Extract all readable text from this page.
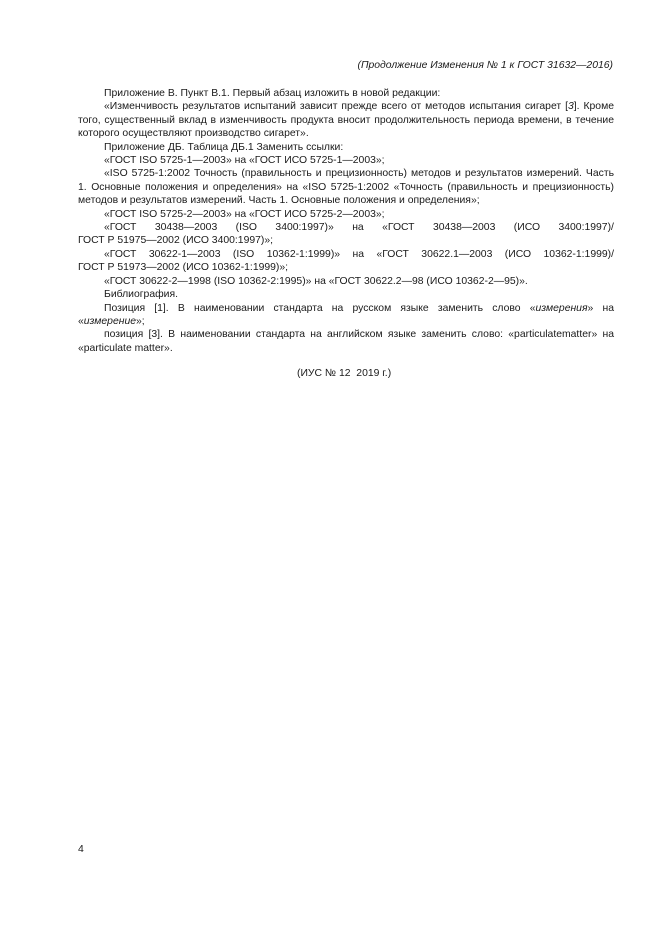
(Продолжение Изменения № 1 к ГОСТ 31632—2016)

Приложение В. Пункт В.1. Первый абзац изложить в новой редакции:

«Изменчивость результатов испытаний зависит прежде всего от методов испытания сигарет [3]. Кроме того, существенный вклад в изменчивость продукта вносит продолжительность периода времени, в течение которого осуществляют производство сигарет».

Приложение ДБ. Таблица ДБ.1 Заменить ссылки:

«ГОСТ ISO 5725-1—2003» на «ГОСТ ИСО 5725-1—2003»;

«ISO 5725-1:2002 Точность (правильность и прецизионность) методов и результатов измерений. Часть 1. Основные положения и определения» на «ISO 5725-1:2002 «Точность (правильность и прецизионность) методов и результатов измерений. Часть 1. Основные положения и определения»;

«ГОСТ ISO 5725-2—2003» на «ГОСТ ИСО 5725-2—2003»;

«ГОСТ 30438—2003 (ISO 3400:1997)» на «ГОСТ 30438—2003 (ИСО 3400:1997)/

ГОСТ Р 51975—2002 (ИСО 3400:1997)»;

«ГОСТ 30622-1—2003 (ISO 10362-1:1999)» на «ГОСТ 30622.1—2003 (ИСО 10362-1:1999)/

ГОСТ Р 51973—2002 (ИСО 10362-1:1999)»;

«ГОСТ 30622-2—1998 (ISO 10362-2:1995)» на «ГОСТ 30622.2—98 (ИСО 10362-2—95)».

Библиография.

Позиция [1]. В наименовании стандарта на русском языке заменить слово «измерения» на «измерение»;

позиция [3]. В наименовании стандарта на английском языке заменить слово: «particulatematter» на «particulate matter».

(ИУС № 12  2019 г.)
4
